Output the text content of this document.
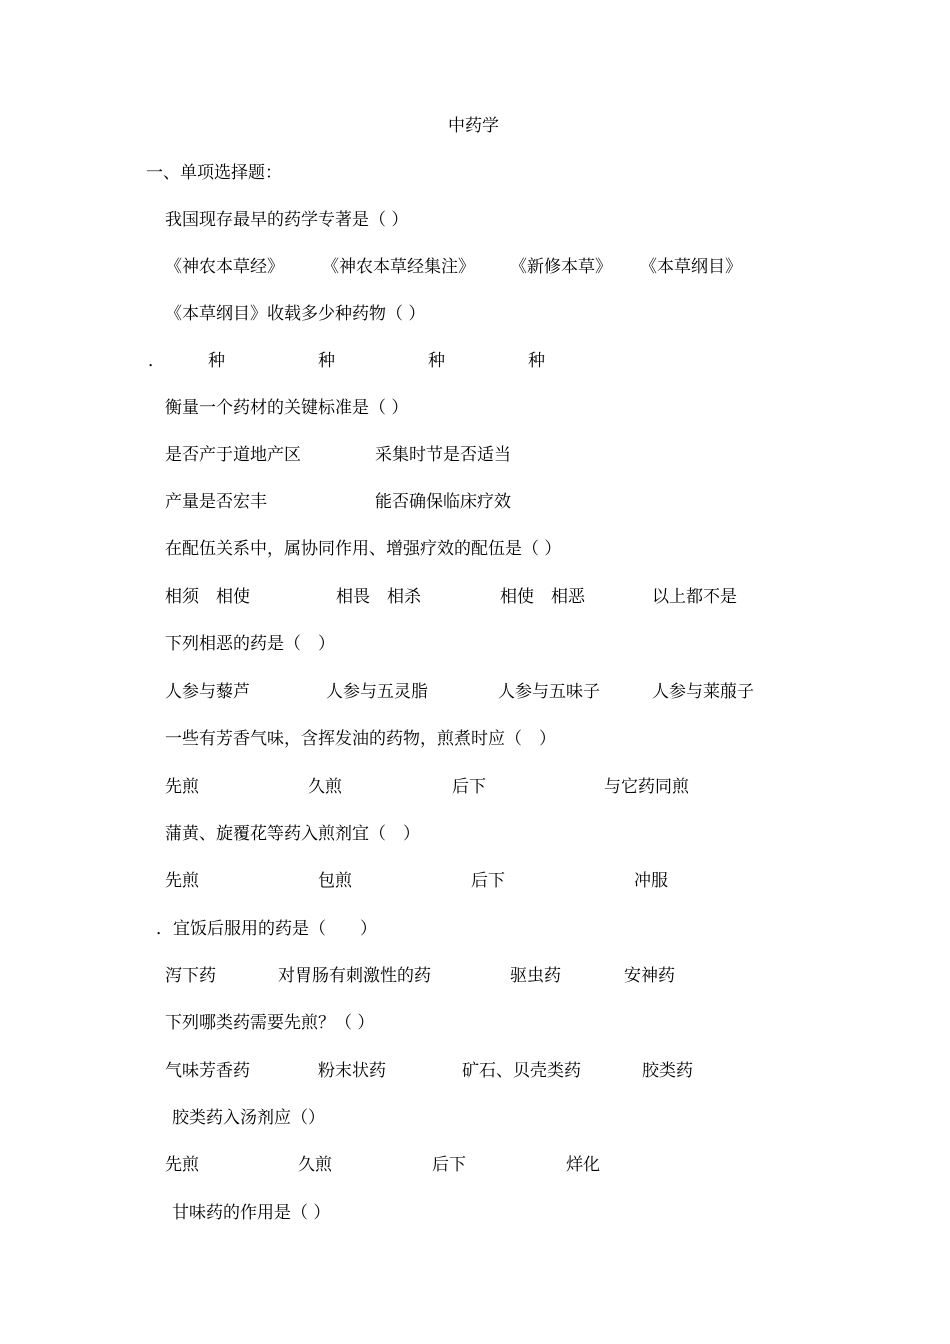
中药学
一、单项选择题：
我国现存最早的药学专著是（ ）
《神农本草经》 《神农本草经集注》 《新修本草》 《本草纲目》
《本草纲目》收载多少种药物（ ）
．	种	种	种	种
衡量一个药材的关键标准是（ ）
是否产于道地产区	采集时节是否适当
产量是否宏丰	能否确保临床疗效
在配伍关系中，属协同作用、增强疗效的配伍是（ ）
相须　相使	相畏　相杀	相使　相恶	以上都不是
下列相恶的药是（　）
人参与藜芦	人参与五灵脂	人参与五味子	人参与莱菔子
一些有芳香气味，含挥发油的药物，煎煮时应（　）
先煎	久煎	后下	与它药同煎
蒲黄、旋覆花等药入煎剂宜（　）
先煎	包煎	后下	冲服
．宜饭后服用的药是（　　）
泻下药	对胃肠有刺激性的药	驱虫药	安神药
下列哪类药需要先煎？（ ）
气味芳香药	粉末状药	矿石、贝壳类药	胶类药
胶类药入汤剂应（）
先煎	久煎	后下	烊化
甘味药的作用是（ ）
